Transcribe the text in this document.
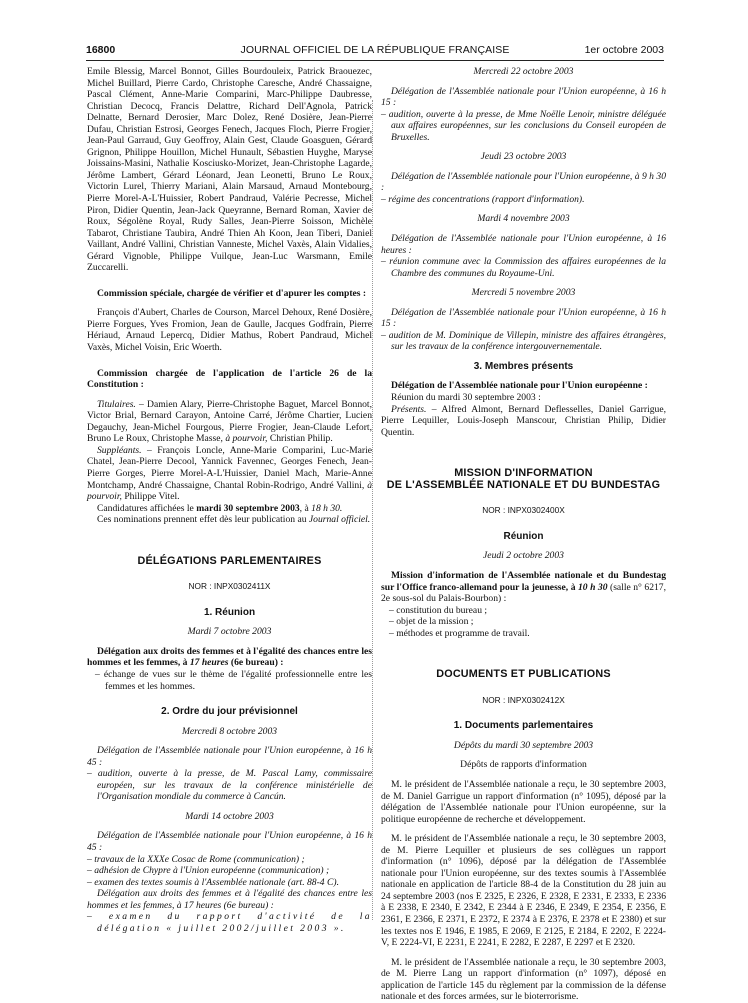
16800	JOURNAL OFFICIEL DE LA RÉPUBLIQUE FRANÇAISE	1er octobre 2003

Emile Blessig, Marcel Bonnot, Gilles Bourdouleix, Patrick Braouezec, Michel Buillard, Pierre Cardo, Christophe Caresche, André Chassaigne, Pascal Clément, Anne-Marie Comparini, Marc-Philippe Daubresse, Christian Decocq, Francis Delattre, Richard Dell'Agnola, Patrick Delnatte, Bernard Derosier, Marc Dolez, René Dosière, Jean-Pierre Dufau, Christian Estrosi, Georges Fenech, Jacques Floch, Pierre Frogier, Jean-Paul Garraud, Guy Geoffroy, Alain Gest, Claude Goasguen, Gérard Grignon, Philippe Houillon, Michel Hunault, Sébastien Huyghe, Maryse Joissains-Masini, Nathalie Kosciusko-Morizet, Jean-Christophe Lagarde, Jérôme Lambert, Gérard Léonard, Jean Leonetti, Bruno Le Roux, Victorin Lurel, Thierry Mariani, Alain Marsaud, Arnaud Montebourg, Pierre Morel-A-L'Huissier, Robert Pandraud, Valérie Pecresse, Michel Piron, Didier Quentin, Jean-Jack Queyranne, Bernard Roman, Xavier de Roux, Ségolène Royal, Rudy Salles, Jean-Pierre Soisson, Michèle Tabarot, Christiane Taubira, André Thien Ah Koon, Jean Tiberi, Daniel Vaillant, André Vallini, Christian Vanneste, Michel Vaxès, Alain Vidalies, Gérard Vignoble, Philippe Vuilque, Jean-Luc Warsmann, Emile Zuccarelli.

Commission spéciale, chargée de vérifier et d'apurer les comptes :

François d'Aubert, Charles de Courson, Marcel Dehoux, René Dosière, Pierre Forgues, Yves Fromion, Jean de Gaulle, Jacques Godfrain, Pierre Hériaud, Arnaud Lepercq, Didier Mathus, Robert Pandraud, Michel Vaxès, Michel Voisin, Eric Woerth.

Commission chargée de l'application de l'article 26 de la Constitution :

Titulaires. – Damien Alary, Pierre-Christophe Baguet, Marcel Bonnot, Victor Brial, Bernard Carayon, Antoine Carré, Jérôme Chartier, Lucien Degauchy, Jean-Michel Fourgous, Pierre Frogier, Jean-Claude Lefort, Bruno Le Roux, Christophe Masse, à pourvoir, Christian Philip.

Suppléants. – François Loncle, Anne-Marie Comparini, Luc-Marie Chatel, Jean-Pierre Decool, Yannick Favennec, Georges Fenech, Jean-Pierre Gorges, Pierre Morel-A-L'Huissier, Daniel Mach, Marie-Anne Montchamp, André Chassaigne, Chantal Robin-Rodrigo, André Vallini, à pourvoir, Philippe Vitel.

Candidatures affichées le mardi 30 septembre 2003, à 18 h 30.

Ces nominations prennent effet dès leur publication au Journal officiel.

DÉLÉGATIONS PARLEMENTAIRES
NOR : INPX0302411X
1. Réunion
Mardi 7 octobre 2003

Délégation aux droits des femmes et à l'égalité des chances entre les hommes et les femmes, à 17 heures (6e bureau) :

– échange de vues sur le thème de l'égalité professionnelle entre les femmes et les hommes.

2. Ordre du jour prévisionnel
Mercredi 8 octobre 2003

Délégation de l'Assemblée nationale pour l'Union européenne, à 16 h 45 :

– audition, ouverte à la presse, de M. Pascal Lamy, commissaire européen, sur les travaux de la conférence ministérielle de l'Organisation mondiale du commerce à Cancún.

Mardi 14 octobre 2003

Délégation de l'Assemblée nationale pour l'Union européenne, à 16 h 45 :

– travaux de la XXXe Cosac de Rome (communication) ;

– adhésion de Chypre à l'Union européenne (communication) ;

– examen des textes soumis à l'Assemblée nationale (art. 88-4 C).

Délégation aux droits des femmes et à l'égalité des chances entre les hommes et les femmes, à 17 heures (6e bureau) :

– examen du rapport d'activité de la délégation « juillet 2002/juillet 2003 ».

Mercredi 22 octobre 2003

Délégation de l'Assemblée nationale pour l'Union européenne, à 16 h 15 :

– audition, ouverte à la presse, de Mme Noëlle Lenoir, ministre déléguée aux affaires européennes, sur les conclusions du Conseil européen de Bruxelles.

Jeudi 23 octobre 2003

Délégation de l'Assemblée nationale pour l'Union européenne, à 9 h 30 :

– régime des concentrations (rapport d'information).

Mardi 4 novembre 2003

Délégation de l'Assemblée nationale pour l'Union européenne, à 16 heures :

– réunion commune avec la Commission des affaires européennes de la Chambre des communes du Royaume-Uni.

Mercredi 5 novembre 2003

Délégation de l'Assemblée nationale pour l'Union européenne, à 16 h 15 :

– audition de M. Dominique de Villepin, ministre des affaires étrangères, sur les travaux de la conférence intergouvernementale.

3. Membres présents

Délégation de l'Assemblée nationale pour l'Union européenne :

Réunion du mardi 30 septembre 2003 :

Présents. – Alfred Almont, Bernard Deflesselles, Daniel Garrigue, Pierre Lequiller, Louis-Joseph Manscour, Christian Philip, Didier Quentin.

MISSION D'INFORMATION
DE L'ASSEMBLÉE NATIONALE ET DU BUNDESTAG
NOR : INPX0302400X
Réunion
Jeudi 2 octobre 2003

Mission d'information de l'Assemblée nationale et du Bundestag sur l'Office franco-allemand pour la jeunesse, à 10 h 30 (salle n° 6217, 2e sous-sol du Palais-Bourbon) :

– constitution du bureau ;

– objet de la mission ;

– méthodes et programme de travail.

DOCUMENTS ET PUBLICATIONS
NOR : INPX0302412X
1. Documents parlementaires
Dépôts du mardi 30 septembre 2003
Dépôts de rapports d'information

M. le président de l'Assemblée nationale a reçu, le 30 septembre 2003, de M. Daniel Garrigue un rapport d'information (n° 1095), déposé par la délégation de l'Assemblée nationale pour l'Union européenne, sur la politique européenne de recherche et développement.

M. le président de l'Assemblée nationale a reçu, le 30 septembre 2003, de M. Pierre Lequiller et plusieurs de ses collègues un rapport d'information (n° 1096), déposé par la délégation de l'Assemblée nationale pour l'Union européenne, sur des textes soumis à l'Assemblée nationale en application de l'article 88-4 de la Constitution du 28 juin au 24 septembre 2003 (nos E 2325, E 2326, E 2328, E 2331, E 2333, E 2336 à E 2338, E 2340, E 2342, E 2344 à E 2346, E 2349, E 2354, E 2356, E 2361, E 2366, E 2371, E 2372, E 2374 à E 2376, E 2378 et E 2380) et sur les textes nos E 1946, E 1985, E 2069, E 2125, E 2184, E 2202, E 2224-V, E 2224-VI, E 2231, E 2241, E 2282, E 2287, E 2297 et E 2320.

M. le président de l'Assemblée nationale a reçu, le 30 septembre 2003, de M. Pierre Lang un rapport d'information (n° 1097), déposé en application de l'article 145 du règlement par la commission de la défense nationale et des forces armées, sur le bioterrorisme.
